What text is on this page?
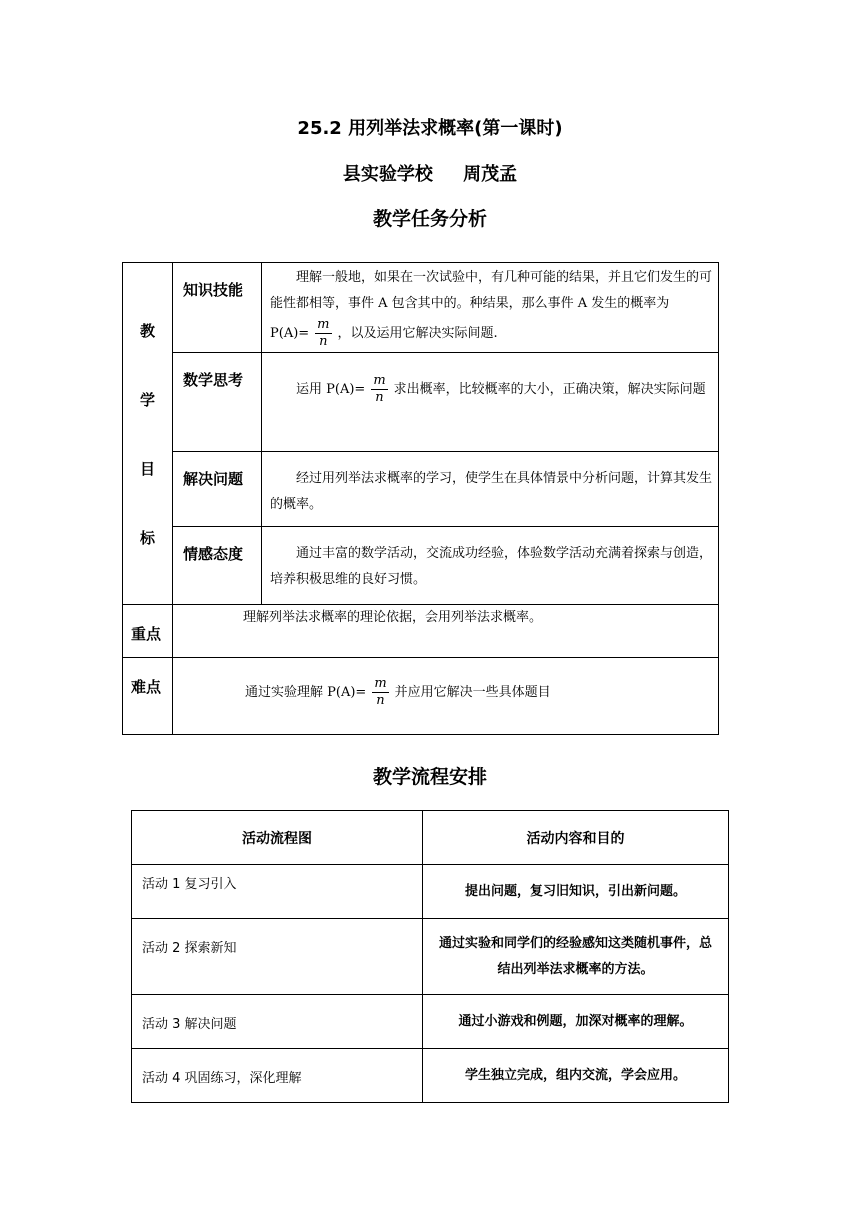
25.2 用列举法求概率(第一课时)
县实验学校 周茂孟
教学任务分析
教
学
目
标	知识技能	理解一般地，如果在一次试验中，有几种可能的结果，并且它们发生的可能性都相等，事件 A 包含其中的。种结果，那么事件 A 发生的概率为 $P(A)= \frac{m}{n}$ ，以及运用它解决实际间题.
	数学思考	运用 $P(A)= \frac{m}{n}$ 求出概率，比较概率的大小，正确决策，解决实际问题
	解决问题	经过用列举法求概率的学习，使学生在具体情景中分析问题，计算其发生的概率。
	情感态度	通过丰富的数学活动，交流成功经验，体验数学活动充满着探索与创造，培养积极思维的良好习惯。
重点	理解列举法求概率的理论依据，会用列举法求概率。	
难点	通过实验理解 $P(A)= \frac{m}{n}$ 并应用它解决一些具体题目	
教学流程安排
活动流程图	活动内容和目的
活动 1 复习引入	提出问题，复习旧知识，引出新问题。
活动 2 探索新知	通过实验和同学们的经验感知这类随机事件，总结出列举法求概率的方法。
活动 3 解决问题	通过小游戏和例题，加深对概率的理解。
活动 4 巩固练习，深化理解	学生独立完成，组内交流，学会应用。
